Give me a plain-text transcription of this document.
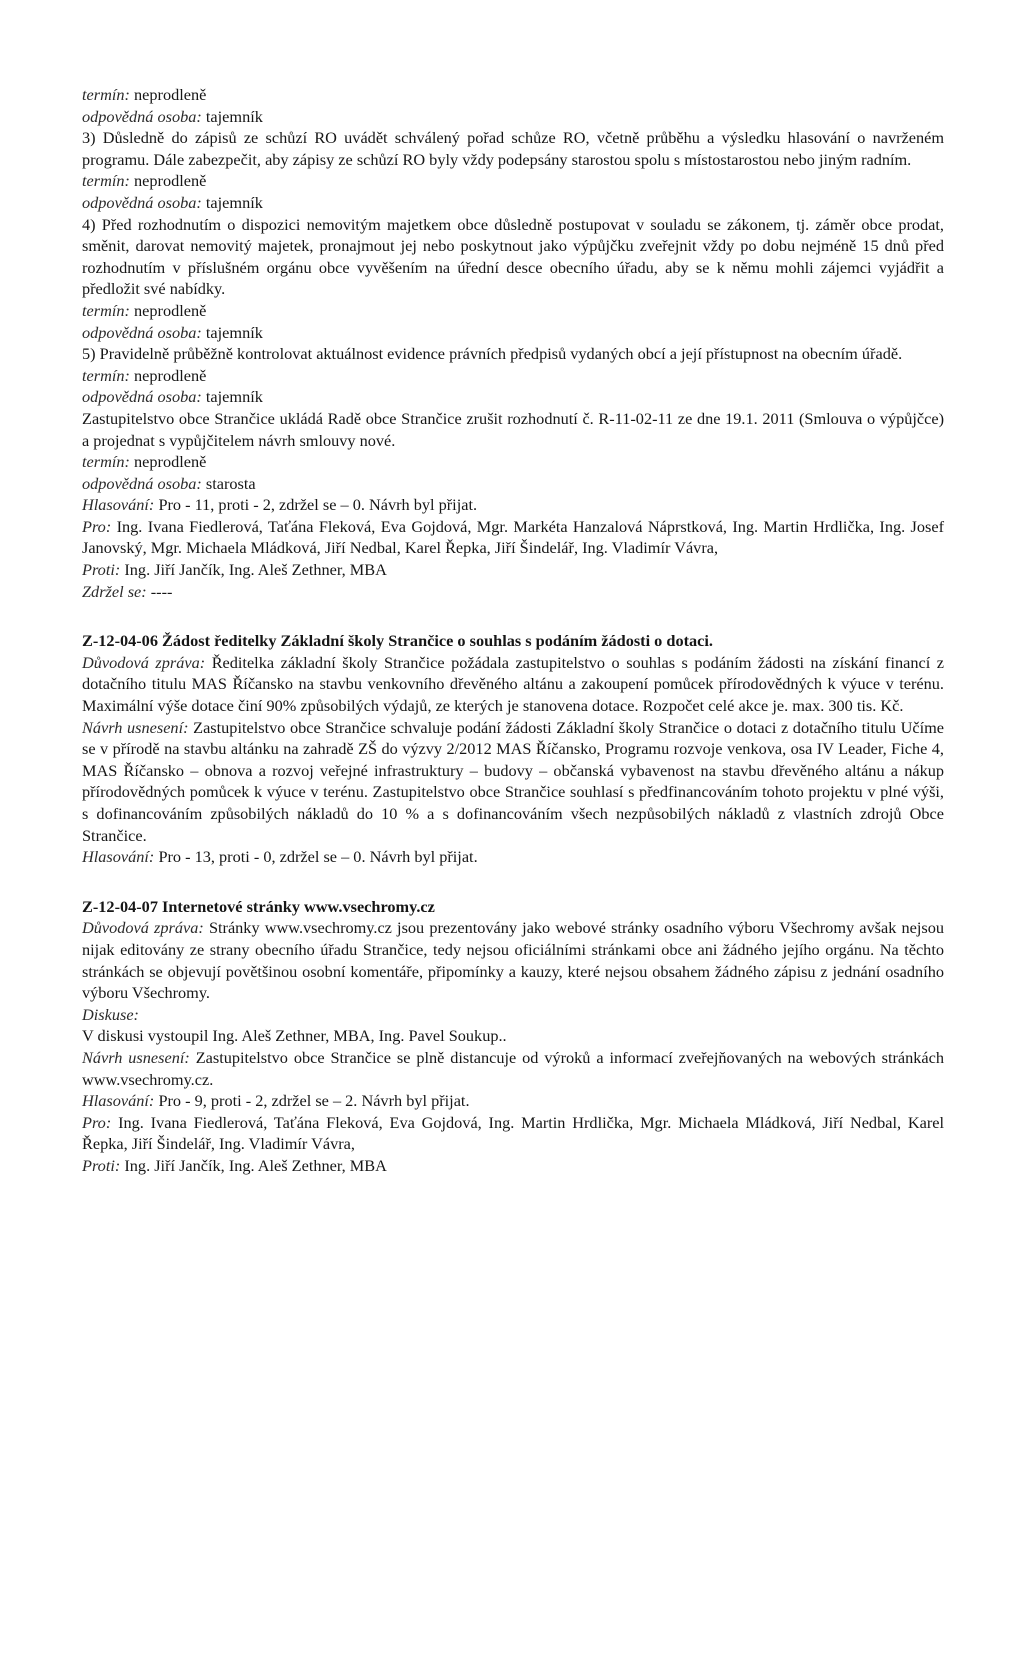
termín: neprodleně
odpovědná osoba: tajemník

3) Důsledně do zápisů ze schůzí RO uvádět schválený pořad schůze RO, včetně průběhu a výsledku hlasování o navrženém programu. Dále zabezpečit, aby zápisy ze schůzí RO byly vždy podepsány starostou spolu s místostarostou nebo jiným radním.

termín: neprodleně
odpovědná osoba: tajemník

4) Před rozhodnutím o dispozici nemovitým majetkem obce důsledně postupovat v souladu se zákonem, tj. záměr obce prodat, směnit, darovat nemovitý majetek, pronajmout jej nebo poskytnout jako výpůjčku zveřejnit vždy po dobu nejméně 15 dnů před rozhodnutím v příslušném orgánu obce vyvěšením na úřední desce obecního úřadu, aby se k němu mohli zájemci vyjádřit a předložit své nabídky.

termín: neprodleně
odpovědná osoba: tajemník

5) Pravidelně průběžně kontrolovat aktuálnost evidence právních předpisů vydaných obcí a její přístupnost na obecním úřadě.

termín: neprodleně
odpovědná osoba: tajemník

Zastupitelstvo obce Strančice ukládá Radě obce Strančice zrušit rozhodnutí č. R-11-02-11 ze dne 19.1. 2011 (Smlouva o výpůjčce) a projednat s vypůjčitelem návrh smlouvy nové.

termín: neprodleně
odpovědná osoba: starosta
Hlasování: Pro - 11, proti - 2, zdržel se – 0. Návrh byl přijat.

Pro: Ing. Ivana Fiedlerová, Taťána Fleková, Eva Gojdová, Mgr. Markéta Hanzalová Náprstková, Ing. Martin Hrdlička, Ing. Josef Janovský, Mgr. Michaela Mládková, Jiří Nedbal, Karel Řepka, Jiří Šindelář, Ing. Vladimír Vávra,

Proti: Ing. Jiří Jančík, Ing. Aleš Zethner, MBA
Zdržel se: ----
Z-12-04-06 Žádost ředitelky Základní školy Strančice o souhlas s podáním žádosti o dotaci.

Důvodová zpráva: Ředitelka základní školy Strančice požádala zastupitelstvo o souhlas s podáním žádosti na získání financí z dotačního titulu MAS Říčansko na stavbu venkovního dřevěného altánu a zakoupení pomůcek přírodovědných k výuce v terénu. Maximální výše dotace činí 90% způsobilých výdajů, ze kterých je stanovena dotace. Rozpočet celé akce je. max. 300 tis. Kč.

Návrh usnesení: Zastupitelstvo obce Strančice schvaluje podání žádosti Základní školy Strančice o dotaci z dotačního titulu Učíme se v přírodě na stavbu altánku na zahradě ZŠ do výzvy 2/2012 MAS Říčansko, Programu rozvoje venkova, osa IV Leader, Fiche 4, MAS Říčansko – obnova a rozvoj veřejné infrastruktury – budovy – občanská vybavenost na stavbu dřevěného altánu a nákup přírodovědných pomůcek k výuce v terénu. Zastupitelstvo obce Strančice souhlasí s předfinancováním tohoto projektu v plné výši, s dofinancováním způsobilých nákladů do 10 % a s dofinancováním všech nezpůsobilých nákladů z vlastních zdrojů Obce Strančice.

Hlasování: Pro - 13, proti - 0, zdržel se – 0. Návrh byl přijat.
Z-12-04-07 Internetové stránky www.vsechromy.cz

Důvodová zpráva: Stránky www.vsechromy.cz jsou prezentovány jako webové stránky osadního výboru Všechromy avšak nejsou nijak editovány ze strany obecního úřadu Strančice, tedy nejsou oficiálními stránkami obce ani žádného jejího orgánu. Na těchto stránkách se objevují povětšinou osobní komentáře, připomínky a kauzy, které nejsou obsahem žádného zápisu z jednání osadního výboru Všechromy.

Diskuse:
V diskusi vystoupil Ing. Aleš Zethner, MBA, Ing. Pavel Soukup..

Návrh usnesení: Zastupitelstvo obce Strančice se plně distancuje od výroků a informací zveřejňovaných na webových stránkách www.vsechromy.cz.

Hlasování: Pro - 9, proti - 2, zdržel se – 2. Návrh byl přijat.

Pro: Ing. Ivana Fiedlerová, Taťána Fleková, Eva Gojdová, Ing. Martin Hrdlička, Mgr. Michaela Mládková, Jiří Nedbal, Karel Řepka, Jiří Šindelář, Ing. Vladimír Vávra,

Proti: Ing. Jiří Jančík, Ing. Aleš Zethner, MBA
